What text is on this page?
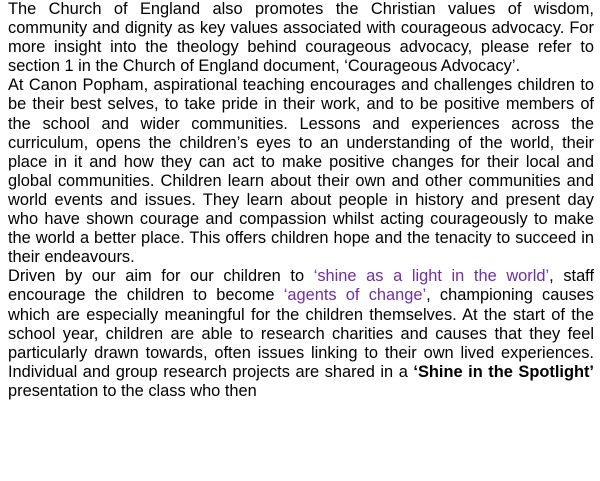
The Church of England also promotes the Christian values of wisdom, community and dignity as key values associated with courageous advocacy. For more insight into the theology behind courageous advocacy, please refer to section 1 in the Church of England document, ‘Courageous Advocacy’.

At Canon Popham, aspirational teaching encourages and challenges children to be their best selves, to take pride in their work, and to be positive members of the school and wider communities. Lessons and experiences across the curriculum, opens the children’s eyes to an understanding of the world, their place in it and how they can act to make positive changes for their local and global communities. Children learn about their own and other communities and world events and issues. They learn about people in history and present day who have shown courage and compassion whilst acting courageously to make the world a better place. This offers children hope and the tenacity to succeed in their endeavours.

Driven by our aim for our children to ‘shine as a light in the world’, staff encourage the children to become ‘agents of change’, championing causes which are especially meaningful for the children themselves. At the start of the school year, children are able to research charities and causes that they feel particularly drawn towards, often issues linking to their own lived experiences. Individual and group research projects are shared in a ‘Shine in the Spotlight’ presentation to the class who then
